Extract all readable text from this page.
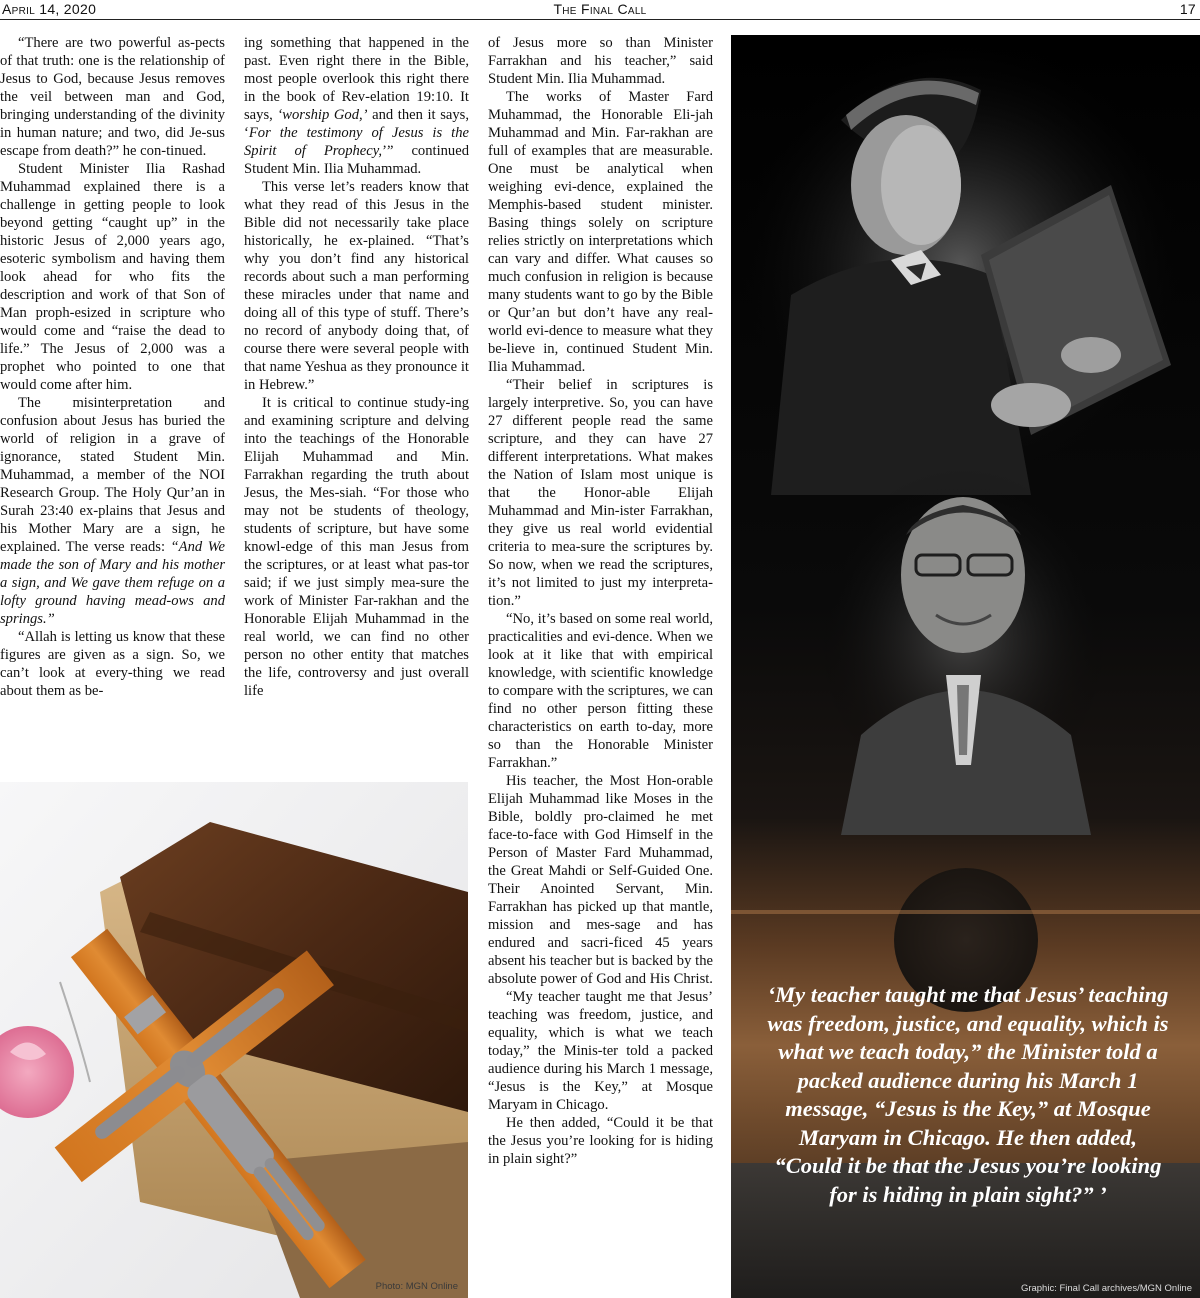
April 14, 2020	The Final Call	17

“There are two powerful as-pects of that truth: one is the relationship of Jesus to God, because Jesus removes the veil between man and God, bringing understanding of the divinity in human nature; and two, did Je-sus escape from death?” he con-tinued.

Student Minister Ilia Rashad Muhammad explained there is a challenge in getting people to look beyond getting “caught up” in the historic Jesus of 2,000 years ago, esoteric symbolism and having them look ahead for who fits the description and work of that Son of Man proph-esized in scripture who would come and “raise the dead to life.” The Jesus of 2,000 was a prophet who pointed to one that would come after him.

The misinterpretation and confusion about Jesus has buried the world of religion in a grave of ignorance, stated Student Min. Muhammad, a member of the NOI Research Group. The Holy Qur’an in Surah 23:40 ex-plains that Jesus and his Mother Mary are a sign, he explained. The verse reads: “And We made the son of Mary and his mother a sign, and We gave them refuge on a lofty ground having mead-ows and springs.”

“Allah is letting us know that these figures are given as a sign. So, we can’t look at every-thing we read about them as be-

ing something that happened in the past. Even right there in the Bible, most people overlook this right there in the book of Rev-elation 19:10. It says, ‘worship God,’ and then it says, ‘For the testimony of Jesus is the Spirit of Prophecy,’” continued Student Min. Ilia Muhammad.

This verse let’s readers know that what they read of this Jesus in the Bible did not necessarily take place historically, he ex-plained. “That’s why you don’t find any historical records about such a man performing these miracles under that name and doing all of this type of stuff. There’s no record of anybody doing that, of course there were several people with that name Yeshua as they pronounce it in Hebrew.”

It is critical to continue study-ing and examining scripture and delving into the teachings of the Honorable Elijah Muhammad and Min. Farrakhan regarding the truth about Jesus, the Mes-siah. “For those who may not be students of theology, students of scripture, but have some knowl-edge of this man Jesus from the scriptures, or at least what pas-tor said; if we just simply mea-sure the work of Minister Far-rakhan and the Honorable Elijah Muhammad in the real world, we can find no other person no other entity that matches the life, controversy and just overall life

of Jesus more so than Minister Farrakhan and his teacher,” said Student Min. Ilia Muhammad.

The works of Master Fard Muhammad, the Honorable Eli-jah Muhammad and Min. Far-rakhan are full of examples that are measurable. One must be analytical when weighing evi-dence, explained the Memphis-based student minister. Basing things solely on scripture relies strictly on interpretations which can vary and differ. What causes so much confusion in religion is because many students want to go by the Bible or Qur’an but don’t have any real-world evi-dence to measure what they be-lieve in, continued Student Min. Ilia Muhammad.

“Their belief in scriptures is largely interpretive. So, you can have 27 different people read the same scripture, and they can have 27 different interpretations. What makes the Nation of Islam most unique is that the Honor-able Elijah Muhammad and Min-ister Farrakhan, they give us real world evidential criteria to mea-sure the scriptures by. So now, when we read the scriptures, it’s not limited to just my interpreta-tion.”

“No, it’s based on some real world, practicalities and evi-dence. When we look at it like that with empirical knowledge, with scientific knowledge to compare with the scriptures, we can find no other person fitting these characteristics on earth to-day, more so than the Honorable Minister Farrakhan.”

His teacher, the Most Hon-orable Elijah Muhammad like Moses in the Bible, boldly pro-claimed he met face-to-face with God Himself in the Person of Master Fard Muhammad, the Great Mahdi or Self-Guided One. Their Anointed Servant, Min. Farrakhan has picked up that mantle, mission and mes-sage and has endured and sacri-ficed 45 years absent his teacher but is backed by the absolute power of God and His Christ.

“My teacher taught me that Jesus’ teaching was freedom, justice, and equality, which is what we teach today,” the Minis-ter told a packed audience during his March 1 message, “Jesus is the Key,” at Mosque Maryam in Chicago.

He then added, “Could it be that the Jesus you’re looking for is hiding in plain sight?”

Photo: MGN Online
‘My teacher taught me that Jesus’ teaching was freedom, justice, and equality, which is what we teach today,” the Minister told a packed audience during his March 1 message, “Jesus is the Key,” at Mosque Maryam in Chicago. He then added, “Could it be that the Jesus you’re looking for is hiding in plain sight?” ’
Graphic: Final Call archives/MGN Online
